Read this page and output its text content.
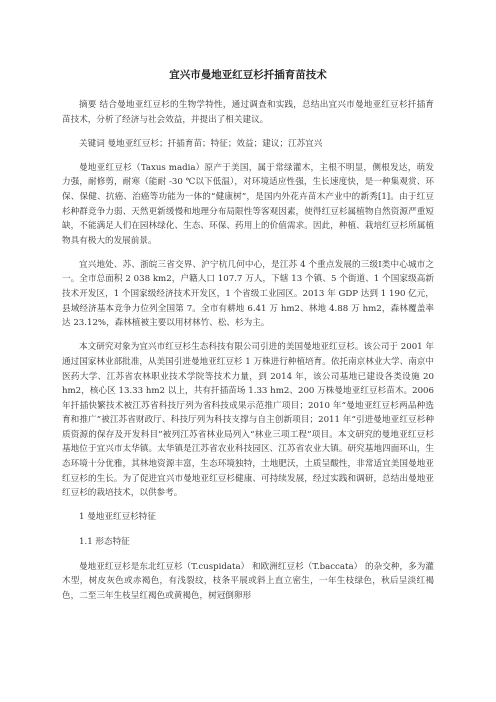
宜兴市曼地亚红豆杉扦插育苗技术

摘要 结合曼地亚红豆杉的生物学特性，通过调查和实践，总结出宜兴市曼地亚红豆杉扦插育苗技术，分析了经济与社会效益，并提出了相关建议。

关键词 曼地亚红豆杉；扦插育苗；特征；效益；建议；江苏宜兴

曼地亚红豆杉（Taxus madia）原产于美国，属于常绿灌木，主根不明显，侧根发达，萌发力强，耐修剪，耐寒（能耐 -30 ℃以下低温），对环境适应性强，生长速度快，是一种集观赏、环保、保健、抗癌、治癌等功能为一体的“健康树”，是国内外花卉苗木产业中的新秀[1]。由于红豆杉种群竞争力弱、天然更新缓慢和地理分布局限性等客观因素，使得红豆杉属植物自然资源严重短缺，不能满足人们在园林绿化、生态、环保、药用上的价值需求。因此，种植、栽培红豆杉所属植物具有极大的发展前景。

宜兴地处、苏、浙皖三省交界、沪宁杭几何中心，是江苏 4 个重点发展的三级Ⅰ类中心城市之一。全市总面积 2 038 km2，户籍人口 107.7 万人，下辖 13 个镇、5 个街道、1 个国家级高新技术开发区，1 个国家级经济技术开发区，1 个省级工业园区。2013 年 GDP 达到 1 190 亿元，县域经济基本竞争力位列全国第 7。全市有耕地 6.41 万 hm2、林地 4.88 万 hm2，森林覆盖率达 23.12%，森林植被主要以用材林竹、松、杉为主。

本文研究对象为宜兴市红豆杉生态科技有限公司引进的美国曼地亚红豆杉。该公司于 2001 年通过国家林业部批准，从美国引进曼地亚红豆杉 1 万株进行种植培育。依托南京林业大学、南京中医药大学、江苏省农林职业技术学院等技术力量，到 2014 年，该公司基地已建设各类设施 20 hm2，核心区 13.33 hm2 以上，共有扦插苗场 1.33 hm2、200 万株曼地亚红豆杉苗木。2006 年扦插快繁技术被江苏省科技厅列为省科技成果示范推广项目；2010 年“曼地亚红豆杉两品种选育和推广”被江苏省财政厅、科技厅列为科技支撑与自主创新项目；2011 年“引进曼地亚红豆杉种质资源的保存及开发科目”被列江苏省林业局列入“林业三项工程”项目。本文研究的曼地亚红豆杉基地位于宜兴市太华镇。太华镇是江苏省农业科技园区、江苏省农业大镇。研究基地四面环山，生态环境十分优雅，其林地资源丰富，生态环境独特，土地肥沃，土质呈酸性，非常适宜美国曼地亚红豆杉的生长。为了促进宜兴市曼地亚红豆杉健康、可持续发展，经过实践和调研，总结出曼地亚红豆杉的栽培技术，以供参考。

1 曼地亚红豆杉特征
1.1 形态特征

曼地亚红豆杉是东北红豆杉（T.cuspidata） 和欧洲红豆杉（T.baccata） 的杂交种，多为灌木型，树皮灰色或赤褐色，有浅裂纹，枝条平展或斜上直立密生，一年生枝绿色，秋后呈淡红褐色，二至三年生枝呈红褐色或黄褐色，树冠倒卵形
